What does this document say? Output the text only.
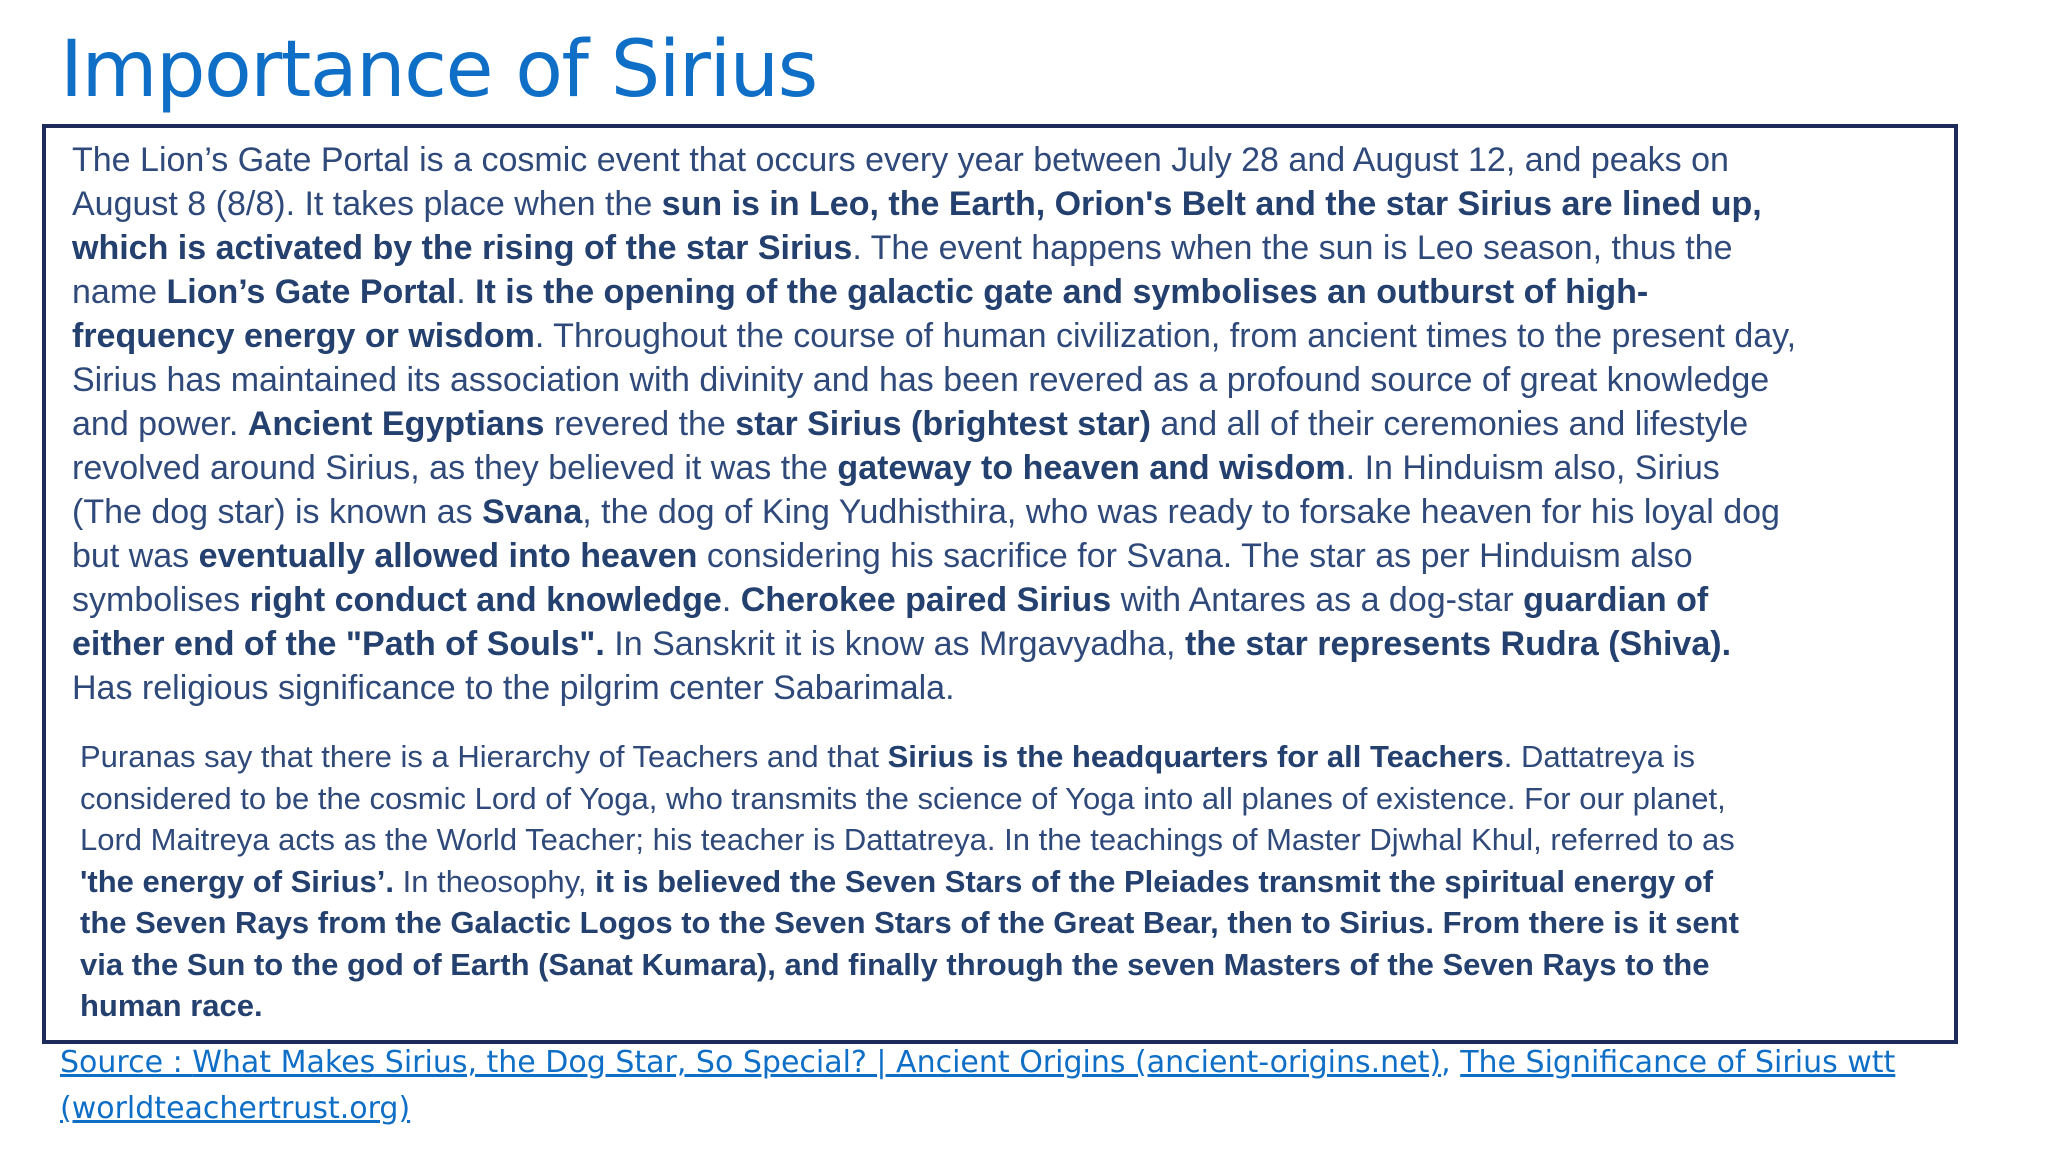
Importance of Sirius

The Lion’s Gate Portal is a cosmic event that occurs every year between July 28 and August 12, and peaks on
August 8 (8/8). It takes place when the sun is in Leo, the Earth, Orion's Belt and the star Sirius are lined up,
which is activated by the rising of the star Sirius. The event happens when the sun is Leo season, thus the
name Lion’s Gate Portal. It is the opening of the galactic gate and symbolises an outburst of high-
frequency energy or wisdom. Throughout the course of human civilization, from ancient times to the present day,
Sirius has maintained its association with divinity and has been revered as a profound source of great knowledge
and power. Ancient Egyptians revered the star Sirius (brightest star) and all of their ceremonies and lifestyle
revolved around Sirius, as they believed it was the gateway to heaven and wisdom. In Hinduism also, Sirius
(The dog star) is known as Svana, the dog of King Yudhisthira, who was ready to forsake heaven for his loyal dog
but was eventually allowed into heaven considering his sacrifice for Svana. The star as per Hinduism also
symbolises right conduct and knowledge. Cherokee paired Sirius with Antares as a dog-star guardian of
either end of the "Path of Souls". In Sanskrit it is know as Mrgavyadha, the star represents Rudra (Shiva).
Has religious significance to the pilgrim center Sabarimala.

Puranas say that there is a Hierarchy of Teachers and that Sirius is the headquarters for all Teachers. Dattatreya is
considered to be the cosmic Lord of Yoga, who transmits the science of Yoga into all planes of existence. For our planet,
Lord Maitreya acts as the World Teacher; his teacher is Dattatreya. In the teachings of Master Djwhal Khul, referred to as
'the energy of Sirius’. In theosophy, it is believed the Seven Stars of the Pleiades transmit the spiritual energy of
the Seven Rays from the Galactic Logos to the Seven Stars of the Great Bear, then to Sirius. From there is it sent
via the Sun to the god of Earth (Sanat Kumara), and finally through the seven Masters of the Seven Rays to the
human race.

Source : What Makes Sirius, the Dog Star, So Special? | Ancient Origins (ancient-origins.net), The Significance of Sirius wtt
(worldteachertrust.org)
